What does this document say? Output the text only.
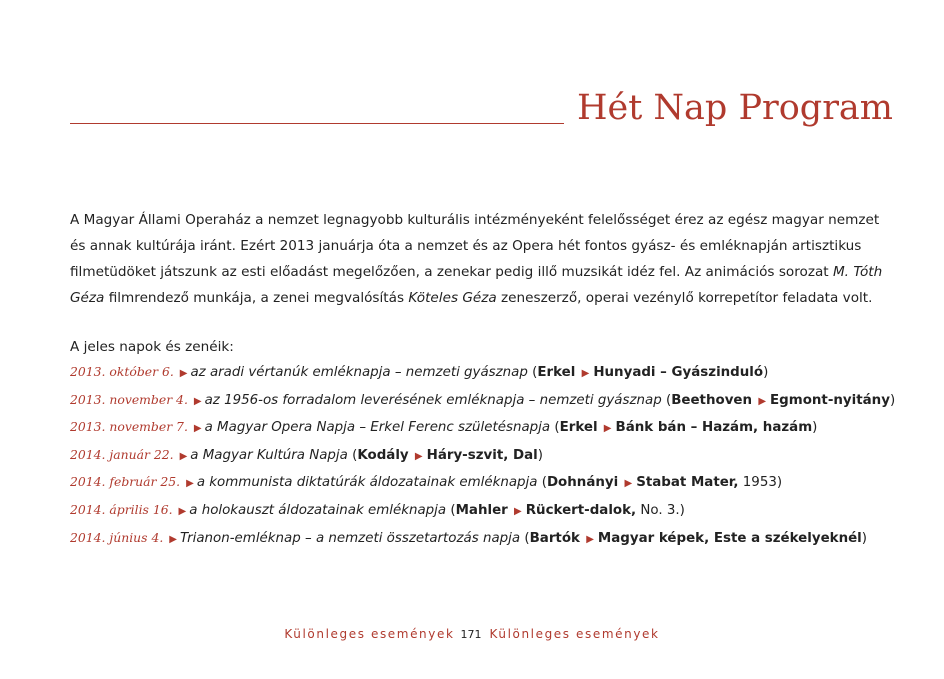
Hét Nap Program

A Magyar Állami Operaház a nemzet legnagyobb kulturális intézményeként felelősséget érez az egész magyar nemzet
és annak kultúrája iránt. Ezért 2013 januárja óta a nemzet és az Opera hét fontos gyász- és emléknapján artisztikus
filmetüdöket játszunk az esti előadást megelőzően, a zenekar pedig illő muzsikát idéz fel. Az animációs sorozat M. Tóth
Géza filmrendező munkája, a zenei megvalósítás Köteles Géza zeneszerző, operai vezénylő korrepetítor feladata volt.

A jeles napok és zenéik:

2013. október 6. ▶ az aradi vértanúk emléknapja – nemzeti gyásznap (Erkel ▶ Hunyadi – Gyászinduló)
2013. november 4. ▶ az 1956-os forradalom leverésének emléknapja – nemzeti gyásznap (Beethoven ▶ Egmont-nyitány)
2013. november 7. ▶ a Magyar Opera Napja – Erkel Ferenc születésnapja (Erkel ▶ Bánk bán – Hazám, hazám)
2014. január 22. ▶ a Magyar Kultúra Napja (Kodály ▶ Háry-szvit, Dal)
2014. február 25. ▶ a kommunista diktatúrák áldozatainak emléknapja (Dohnányi ▶ Stabat Mater, 1953)
2014. április 16. ▶ a holokauszt áldozatainak emléknapja (Mahler ▶ Rückert-dalok, No. 3.)
2014. június 4. ▶ Trianon-emléknap – a nemzeti összetartozás napja (Bartók ▶ Magyar képek, Este a székelyeknél)
Különleges események 171 Különleges események
